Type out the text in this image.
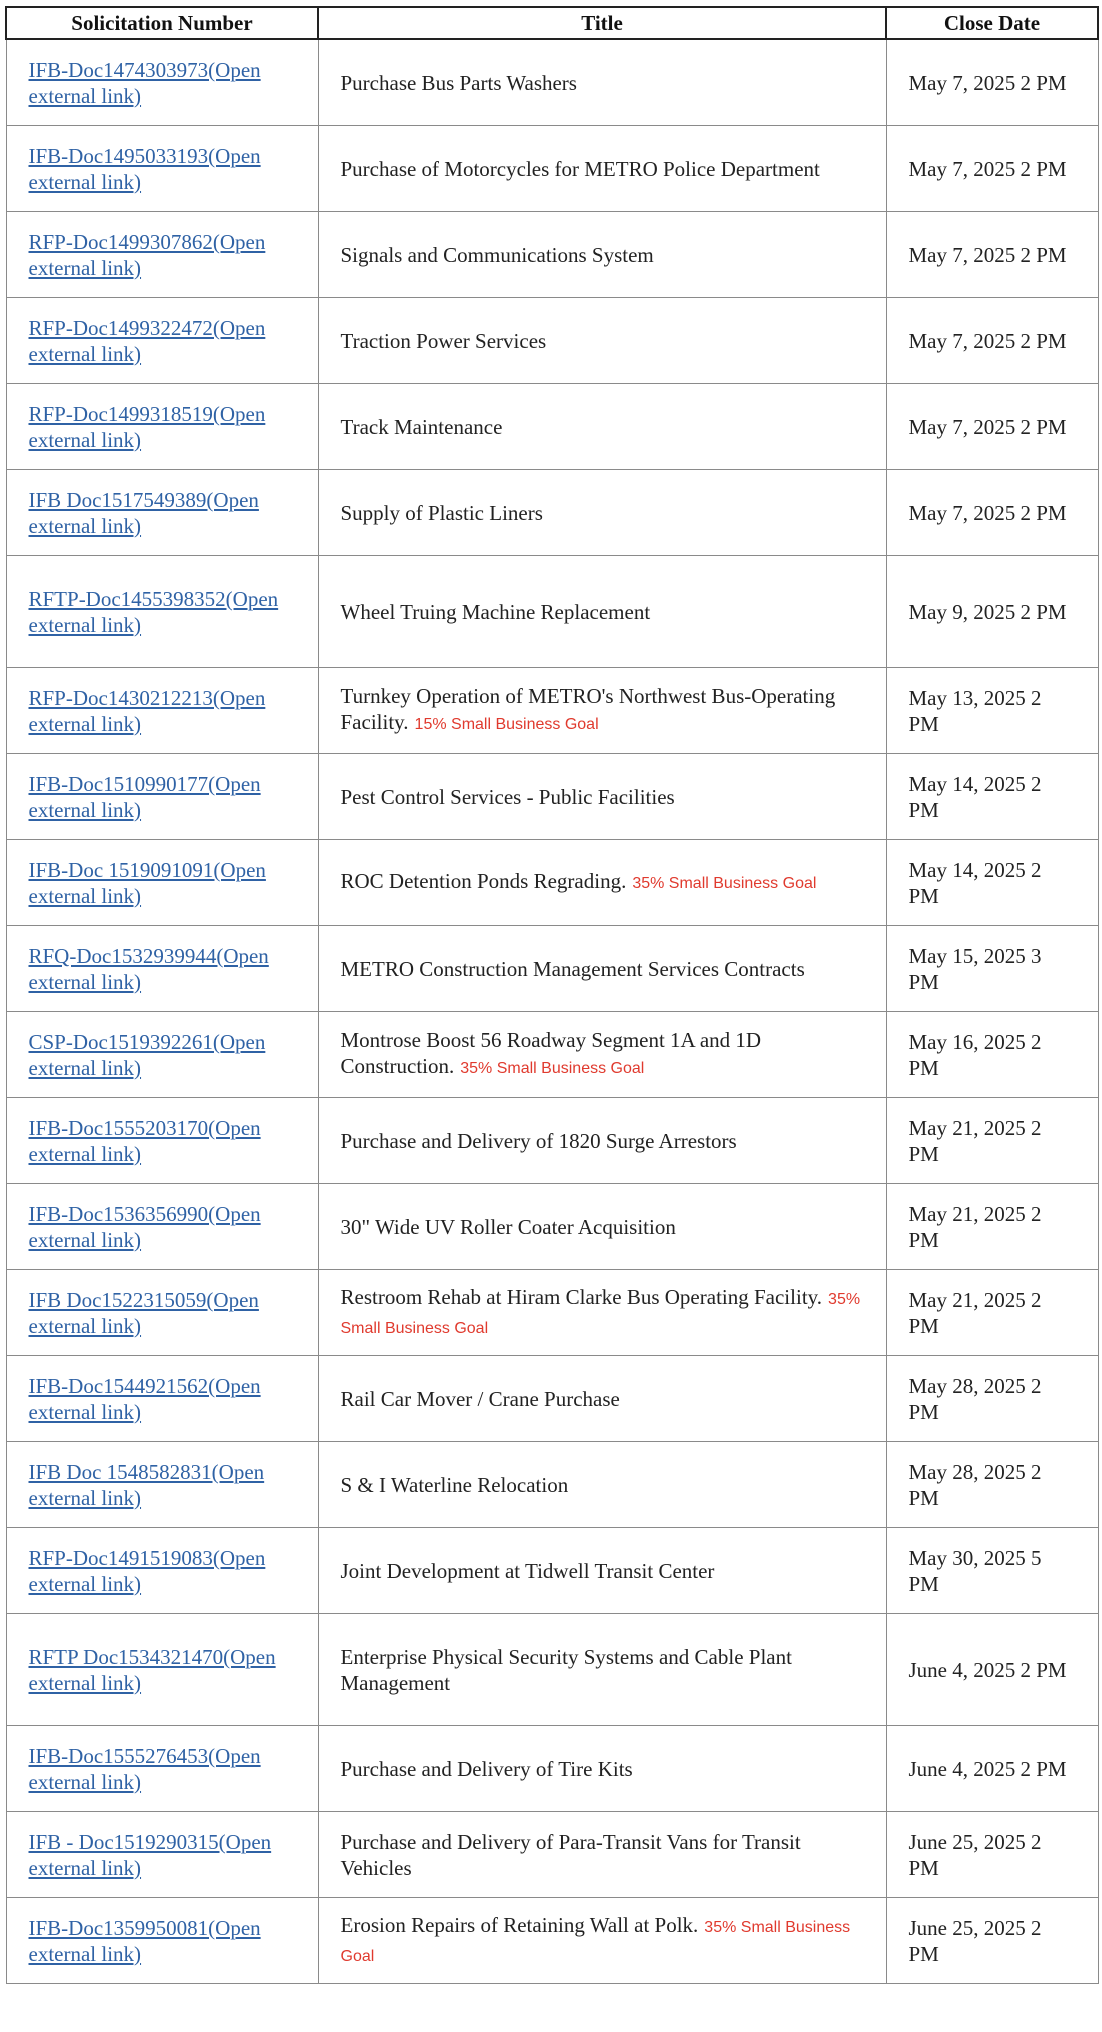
Solicitation Number	Title	Close Date
IFB-Doc1474303973(Open external link)	Purchase Bus Parts Washers	May 7, 2025 2 PM
IFB-Doc1495033193(Open external link)	Purchase of Motorcycles for METRO Police Department	May 7, 2025 2 PM
RFP-Doc1499307862(Open external link)	Signals and Communications System	May 7, 2025 2 PM
RFP-Doc1499322472(Open external link)	Traction Power Services	May 7, 2025 2 PM
RFP-Doc1499318519(Open external link)	Track Maintenance	May 7, 2025 2 PM
IFB Doc1517549389(Open external link)	Supply of Plastic Liners	May 7, 2025 2 PM
RFTP-Doc1455398352(Open external link)	Wheel Truing Machine Replacement	May 9, 2025 2 PM
RFP-Doc1430212213(Open external link)	Turnkey Operation of METRO's Northwest Bus-Operating Facility. 15% Small Business Goal	May 13, 2025 2 PM
IFB-Doc1510990177(Open external link)	Pest Control Services - Public Facilities	May 14, 2025 2 PM
IFB-Doc 1519091091(Open external link)	ROC Detention Ponds Regrading. 35% Small Business Goal	May 14, 2025 2 PM
RFQ-Doc1532939944(Open external link)	METRO Construction Management Services Contracts	May 15, 2025 3 PM
CSP-Doc1519392261(Open external link)	Montrose Boost 56 Roadway Segment 1A and 1D Construction. 35% Small Business Goal	May 16, 2025 2 PM
IFB-Doc1555203170(Open external link)	Purchase and Delivery of 1820 Surge Arrestors	May 21, 2025 2 PM
IFB-Doc1536356990(Open external link)	30" Wide UV Roller Coater Acquisition	May 21, 2025 2 PM
IFB Doc1522315059(Open external link)	Restroom Rehab at Hiram Clarke Bus Operating Facility. 35% Small Business Goal	May 21, 2025 2 PM
IFB-Doc1544921562(Open external link)	Rail Car Mover / Crane Purchase	May 28, 2025 2 PM
IFB Doc 1548582831(Open external link)	S & I Waterline Relocation	May 28, 2025 2 PM
RFP-Doc1491519083(Open external link)	Joint Development at Tidwell Transit Center	May 30, 2025 5 PM
RFTP Doc1534321470(Open external link)	Enterprise Physical Security Systems and Cable Plant Management	June 4, 2025 2 PM
IFB-Doc1555276453(Open external link)	Purchase and Delivery of Tire Kits	June 4, 2025 2 PM
IFB - Doc1519290315(Open external link)	Purchase and Delivery of Para-Transit Vans for Transit Vehicles	June 25, 2025 2 PM
IFB-Doc1359950081(Open external link)	Erosion Repairs of Retaining Wall at Polk. 35% Small Business Goal	June 25, 2025 2 PM
